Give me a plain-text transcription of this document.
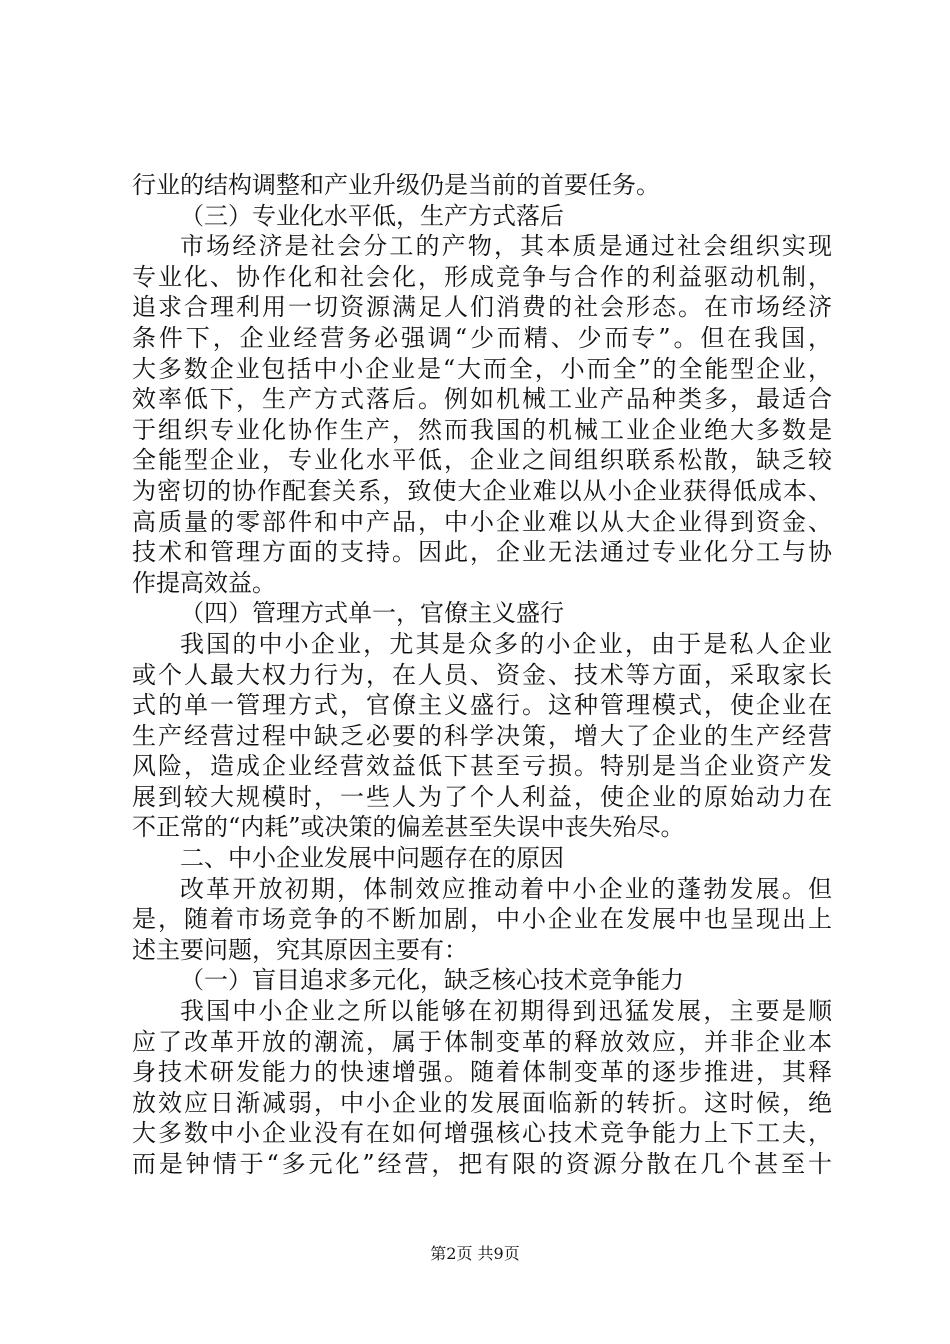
行业的结构调整和产业升级仍是当前的首要任务。
（三）专业化水平低，生产方式落后
市场经济是社会分工的产物，其本质是通过社会组织实现
专业化、协作化和社会化，形成竞争与合作的利益驱动机制，
追求合理利用一切资源满足人们消费的社会形态。在市场经济
条件下，企业经营务必强调“少而精、少而专”。但在我国，
大多数企业包括中小企业是“大而全，小而全”的全能型企业，
效率低下，生产方式落后。例如机械工业产品种类多，最适合
于组织专业化协作生产，然而我国的机械工业企业绝大多数是
全能型企业，专业化水平低，企业之间组织联系松散，缺乏较
为密切的协作配套关系，致使大企业难以从小企业获得低成本、
高质量的零部件和中产品，中小企业难以从大企业得到资金、
技术和管理方面的支持。因此，企业无法通过专业化分工与协
作提高效益。
（四）管理方式单一，官僚主义盛行
我国的中小企业，尤其是众多的小企业，由于是私人企业
或个人最大权力行为，在人员、资金、技术等方面，采取家长
式的单一管理方式，官僚主义盛行。这种管理模式，使企业在
生产经营过程中缺乏必要的科学决策，增大了企业的生产经营
风险，造成企业经营效益低下甚至亏损。特别是当企业资产发
展到较大规模时，一些人为了个人利益，使企业的原始动力在
不正常的“内耗”或决策的偏差甚至失误中丧失殆尽。
二、中小企业发展中问题存在的原因
改革开放初期，体制效应推动着中小企业的蓬勃发展。但
是，随着市场竞争的不断加剧，中小企业在发展中也呈现出上
述主要问题，究其原因主要有：
（一）盲目追求多元化，缺乏核心技术竞争能力
我国中小企业之所以能够在初期得到迅猛发展，主要是顺
应了改革开放的潮流，属于体制变革的释放效应，并非企业本
身技术研发能力的快速增强。随着体制变革的逐步推进，其释
放效应日渐减弱，中小企业的发展面临新的转折。这时候，绝
大多数中小企业没有在如何增强核心技术竞争能力上下工夫，
而是钟情于“多元化”经营，把有限的资源分散在几个甚至十
第2页 共9页
